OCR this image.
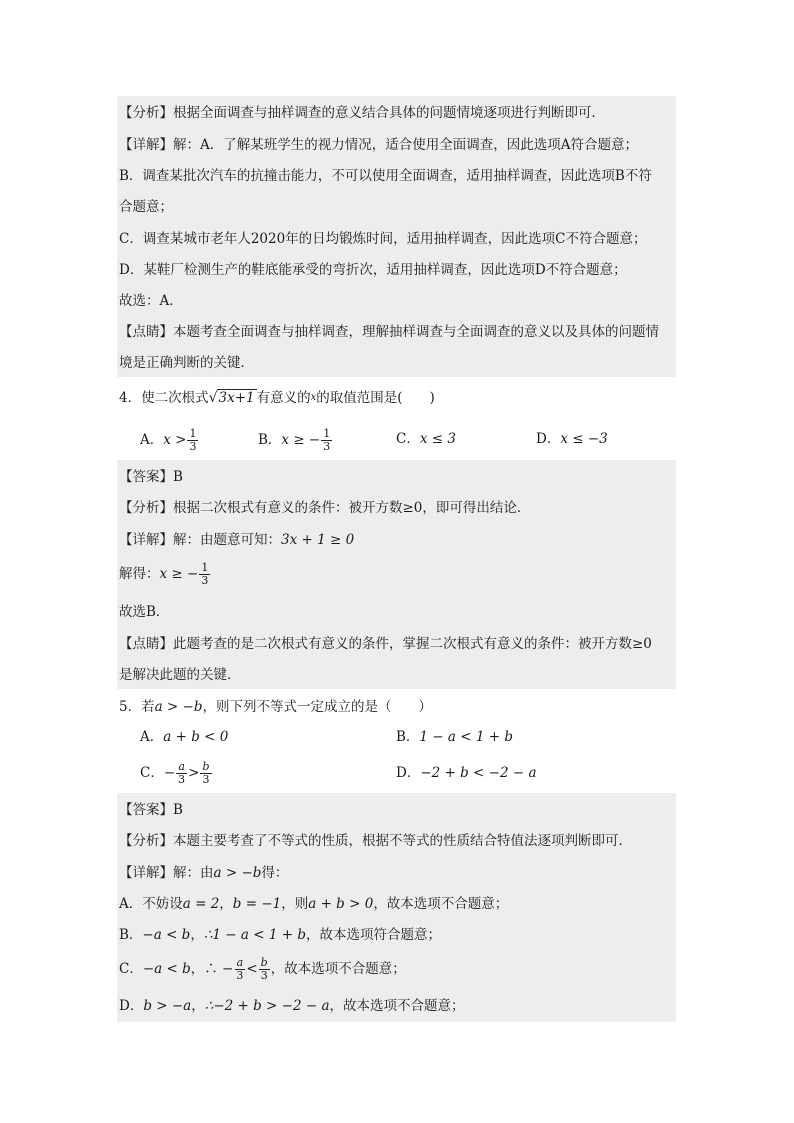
【分析】根据全面调查与抽样调查的意义结合具体的问题情境逐项进行判断即可．
【详解】解：A．了解某班学生的视力情况，适合使用全面调查，因此选项A符合题意；
B．调查某批次汽车的抗撞击能力，不可以使用全面调查，适用抽样调查，因此选项B不符
合题意；
C．调查某城市老年人2020年的日均锻炼时间，适用抽样调查，因此选项C不符合题意；
D．某鞋厂检测生产的鞋底能承受的弯折次，适用抽样调查，因此选项D不符合题意；
故选：A．
【点睛】本题考查全面调查与抽样调查，理解抽样调查与全面调查的意义以及具体的问题情
境是正确判断的关键．
4．使二次根式√3x+1 有意义的$^x$的取值范围是(　　)
A．$x > \frac{1}{3}$	B．x ≥ − $\frac{1}{3}$	C．x ≤ 3	D．x ≤ −3
【答案】B
【分析】根据二次根式有意义的条件：被开方数≥0，即可得出结论．
【详解】解：由题意可知：3x + 1 ≥ 0
解得：x ≥ − $\frac{1}{3}$
故选B．
【点睛】此题考查的是二次根式有意义的条件，掌握二次根式有意义的条件：被开方数≥0
是解决此题的关键．
5．若a > −b，则下列不等式一定成立的是（　　）
A．a + b < 0	B．1 − a < 1 + b
C．− $\frac{a}{3} > \frac{b}{3}$	D．−2 + b < −2 − a
【答案】B
【分析】本题主要考查了不等式的性质，根据不等式的性质结合特值法逐项判断即可．
【详解】解：由a > −b得：
A．不妨设a = 2，b = −1，则a + b > 0，故本选项不合题意；
B．−a < b，∴1 − a < 1 + b，故本选项符合题意；
C．−a < b，∴ − $\frac{a}{3} < \frac{b}{3}$ ，故本选项不合题意；
D．b > −a，∴−2 + b > −2 − a，故本选项不合题意；
